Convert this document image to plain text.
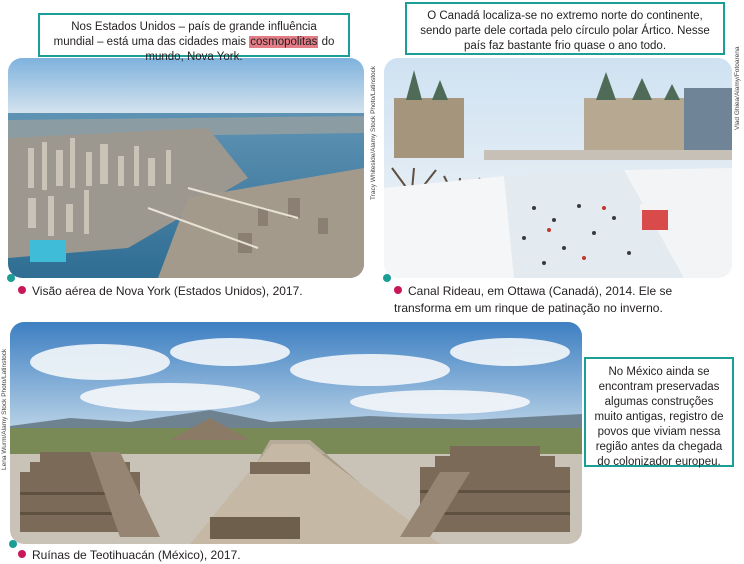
Tracy Whiteside/Alamy Stock Photo/Latinstock	Vlad Ghiea/Alamy/Fotoarena
Lena Wurm/Alamy Stock Photo/Latinstock
Nos Estados Unidos – país de grande influência mundial – está uma das cidades mais cosmopolitas do mundo, Nova York.
O Canadá localiza-se no extremo norte do continente, sendo parte dele cortada pelo círculo polar Ártico. Nesse país faz bastante frio quase o ano todo.
No México ainda se encontram preservadas algumas construções muito antigas, registro de povos que viviam nessa região antes da chegada do colonizador europeu.
Visão aérea de Nova York (Estados Unidos), 2017.	Canal Rideau, em Ottawa (Canadá), 2014. Ele se transforma em um rinque de patinação no inverno.
Ruínas de Teotihuacán (México), 2017.
